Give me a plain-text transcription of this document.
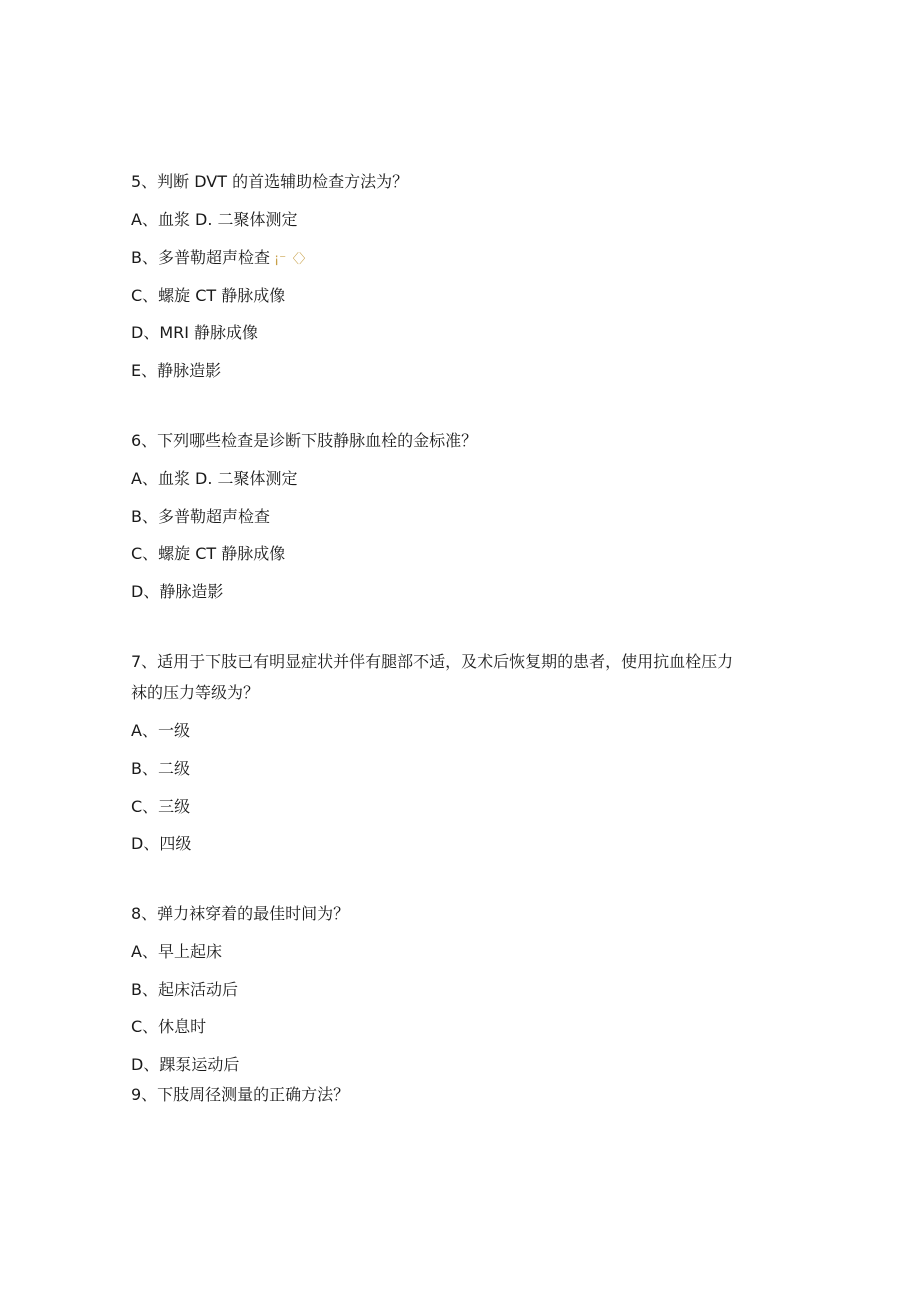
5、判断 DVT 的首选辅助检查方法为？
A、血浆 D. 二聚体测定
B、多普勒超声检查 ¡⁻〈〉
C、螺旋 CT 静脉成像
D、MRI 静脉成像
E、静脉造影
6、下列哪些检查是诊断下肢静脉血栓的金标准？
A、血浆 D. 二聚体测定
B、多普勒超声检查
C、螺旋 CT 静脉成像
D、静脉造影
7、适用于下肢已有明显症状并伴有腿部不适，及术后恢复期的患者，使用抗血栓压力
袜的压力等级为？
A、一级
B、二级
C、三级
D、四级
8、弹力袜穿着的最佳时间为？
A、早上起床
B、起床活动后
C、休息时
D、踝泵运动后
9、下肢周径测量的正确方法？
